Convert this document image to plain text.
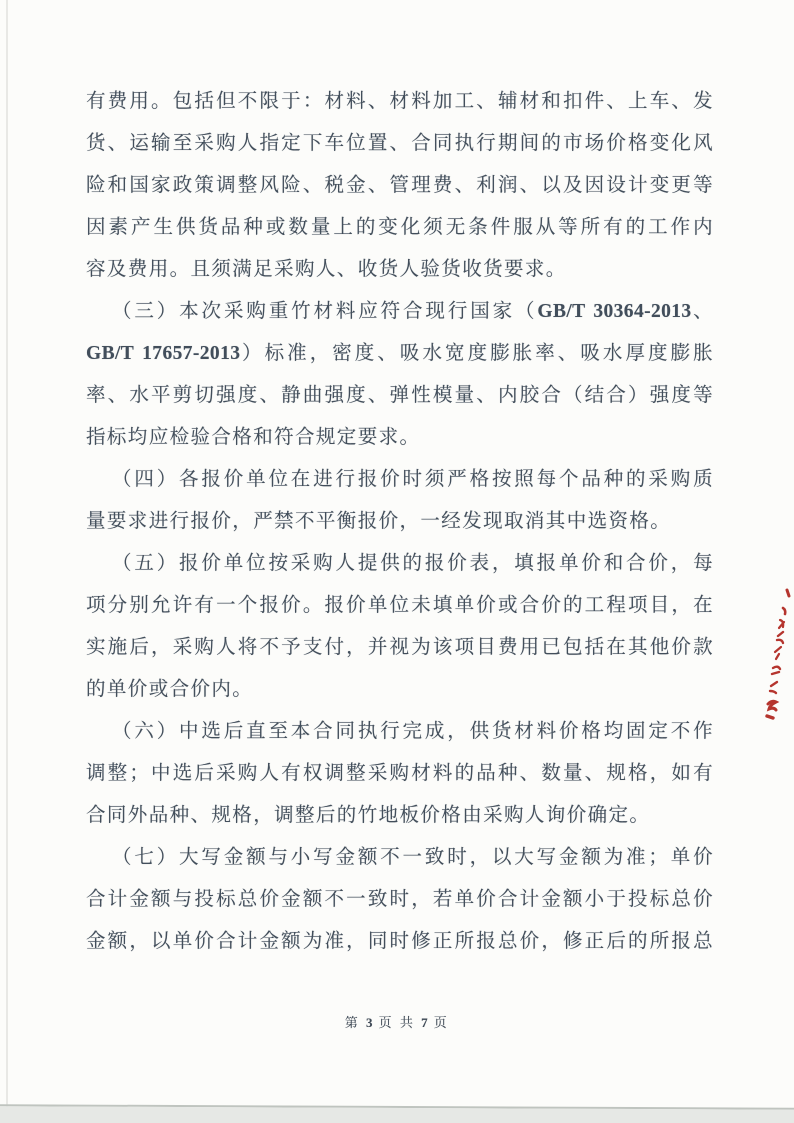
有费用。包括但不限于：材料、材料加工、辅材和扣件、上车、发
货、运输至采购人指定下车位置、合同执行期间的市场价格变化风
险和国家政策调整风险、税金、管理费、利润、以及因设计变更等
因素产生供货品种或数量上的变化须无条件服从等所有的工作内
容及费用。且须满足采购人、收货人验货收货要求。
（三）本次采购重竹材料应符合现行国家（GB/T 30364-2013、
GB/T 17657-2013）标准，密度、吸水宽度膨胀率、吸水厚度膨胀
率、水平剪切强度、静曲强度、弹性模量、内胶合（结合）强度等
指标均应检验合格和符合规定要求。
（四）各报价单位在进行报价时须严格按照每个品种的采购质
量要求进行报价，严禁不平衡报价，一经发现取消其中选资格。
（五）报价单位按采购人提供的报价表，填报单价和合价，每
项分别允许有一个报价。报价单位未填单价或合价的工程项目，在
实施后，采购人将不予支付，并视为该项目费用已包括在其他价款
的单价或合价内。
（六）中选后直至本合同执行完成，供货材料价格均固定不作
调整；中选后采购人有权调整采购材料的品种、数量、规格，如有
合同外品种、规格，调整后的竹地板价格由采购人询价确定。
（七）大写金额与小写金额不一致时，以大写金额为准；单价
合计金额与投标总价金额不一致时，若单价合计金额小于投标总价
金额，以单价合计金额为准，同时修正所报总价，修正后的所报总
第 3 页 共 7 页
